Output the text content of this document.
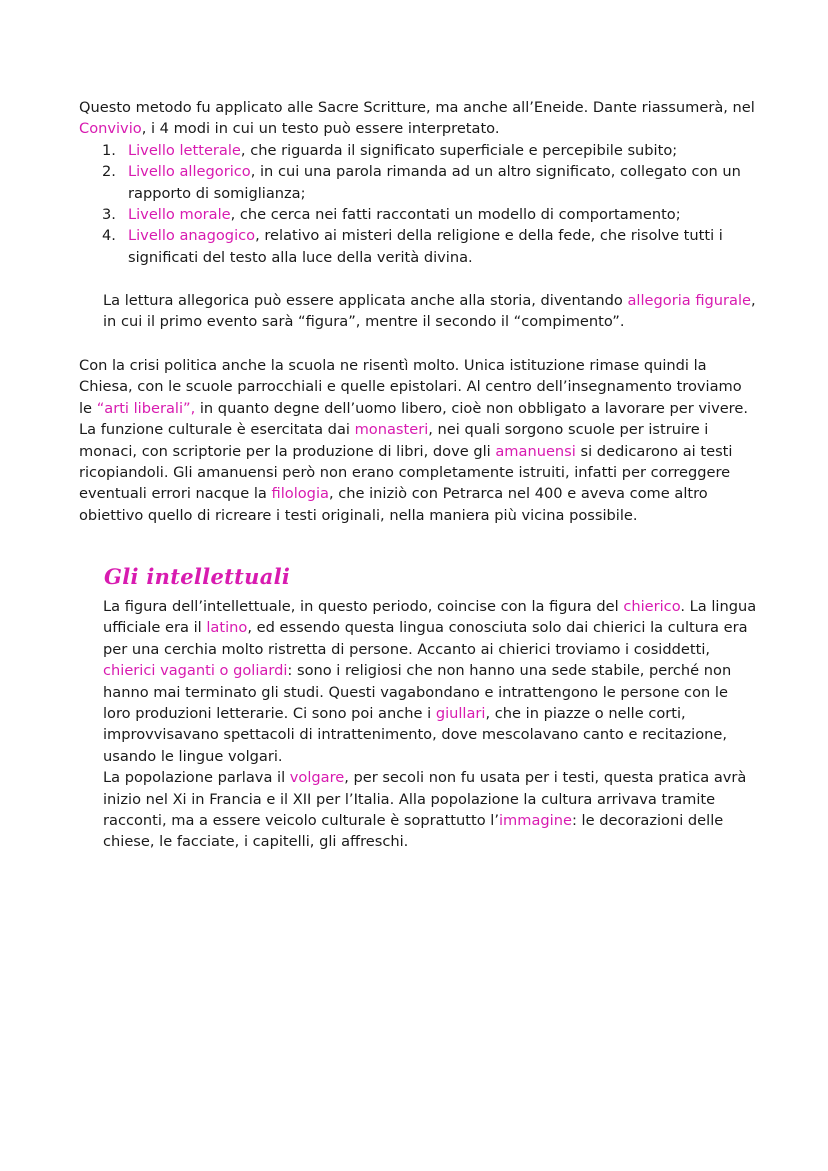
Questo metodo fu applicato alle Sacre Scritture, ma anche all’Eneide. Dante riassumerà, nel Convivio, i 4 modi in cui un testo può essere interpretato.

1. Livello letterale, che riguarda il significato superficiale e percepibile subito;
2. Livello allegorico, in cui una parola rimanda ad un altro significato, collegato con un rapporto di somiglianza;
3. Livello morale, che cerca nei fatti raccontati un modello di comportamento;
4. Livello anagogico, relativo ai misteri della religione e della fede, che risolve tutti i significati del testo alla luce della verità divina.

La lettura allegorica può essere applicata anche alla storia, diventando allegoria figurale, in cui il primo evento sarà “figura”, mentre il secondo il “compimento”.

Con la crisi politica anche la scuola ne risentì molto. Unica istituzione rimase quindi la Chiesa, con le scuole parrocchiali e quelle epistolari. Al centro dell’insegnamento troviamo le “arti liberali”, in quanto degne dell’uomo libero, cioè non obbligato a lavorare per vivere. La funzione culturale è esercitata dai monasteri, nei quali sorgono scuole per istruire i monaci, con scriptorie per la produzione di libri, dove gli amanuensi si dedicarono ai testi ricopiandoli. Gli amanuensi però non erano completamente istruiti, infatti per correggere eventuali errori nacque la filologia, che iniziò con Petrarca nel 400 e aveva come altro obiettivo quello di ricreare i testi originali, nella maniera più vicina possibile.

Gli intellettuali

La figura dell’intellettuale, in questo periodo, coincise con la figura del chierico. La lingua ufficiale era il latino, ed essendo questa lingua conosciuta solo dai chierici la cultura era per una cerchia molto ristretta di persone. Accanto ai chierici troviamo i cosiddetti, chierici vaganti o goliardi: sono i religiosi che non hanno una sede stabile, perché non hanno mai terminato gli studi. Questi vagabondano e intrattengono le persone con le loro produzioni letterarie. Ci sono poi anche i giullari, che in piazze o nelle corti, improvvisavano spettacoli di intrattenimento, dove mescolavano canto e recitazione, usando le lingue volgari.

La popolazione parlava il volgare, per secoli non fu usata per i testi, questa pratica avrà inizio nel Xi in Francia e il XII per l’Italia. Alla popolazione la cultura arrivava tramite racconti, ma a essere veicolo culturale è soprattutto l’immagine: le decorazioni delle chiese, le facciate, i capitelli, gli affreschi.
